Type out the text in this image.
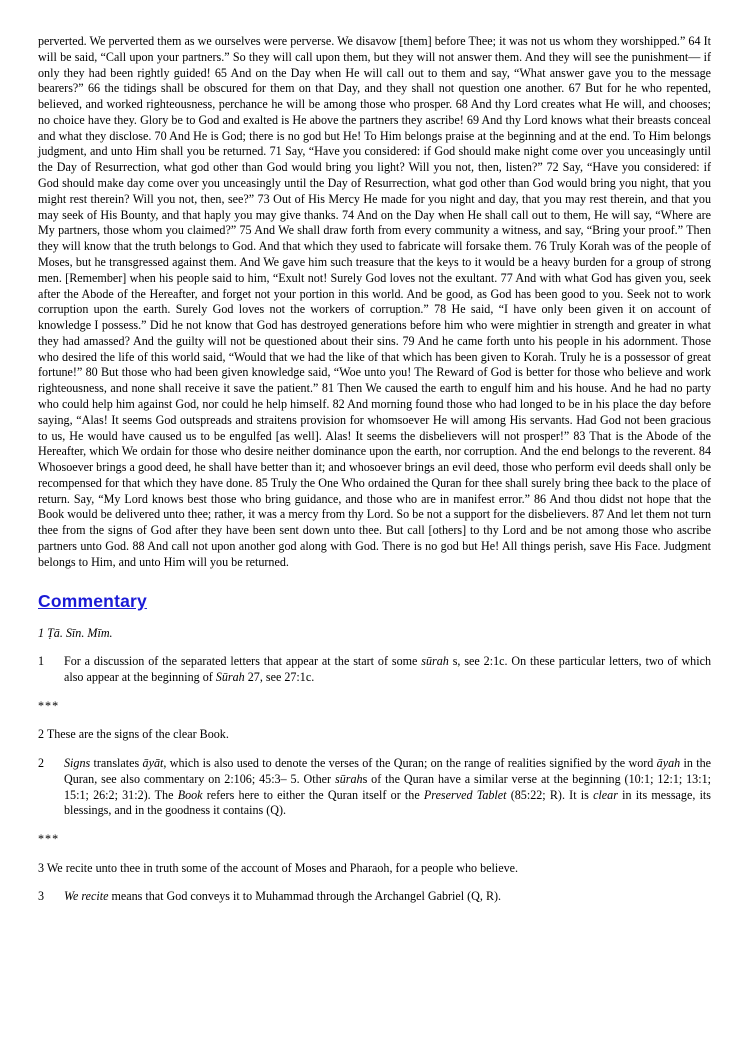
perverted. We perverted them as we ourselves were perverse. We disavow [them] before Thee; it was not us whom they worshipped.” 64 It will be said, “Call upon your partners.” So they will call upon them, but they will not answer them. And they will see the punishment— if only they had been rightly guided! 65 And on the Day when He will call out to them and say, “What answer gave you to the message bearers?” 66 the tidings shall be obscured for them on that Day, and they shall not question one another. 67 But for he who repented, believed, and worked righteousness, perchance he will be among those who prosper. 68 And thy Lord creates what He will, and chooses; no choice have they. Glory be to God and exalted is He above the partners they ascribe! 69 And thy Lord knows what their breasts conceal and what they disclose. 70 And He is God; there is no god but He! To Him belongs praise at the beginning and at the end. To Him belongs judgment, and unto Him shall you be returned. 71 Say, “Have you considered: if God should make night come over you unceasingly until the Day of Resurrection, what god other than God would bring you light? Will you not, then, listen?” 72 Say, “Have you considered: if God should make day come over you unceasingly until the Day of Resurrection, what god other than God would bring you night, that you might rest therein? Will you not, then, see?” 73 Out of His Mercy He made for you night and day, that you may rest therein, and that you may seek of His Bounty, and that haply you may give thanks. 74 And on the Day when He shall call out to them, He will say, “Where are My partners, those whom you claimed?” 75 And We shall draw forth from every community a witness, and say, “Bring your proof.” Then they will know that the truth belongs to God. And that which they used to fabricate will forsake them. 76 Truly Korah was of the people of Moses, but he transgressed against them. And We gave him such treasure that the keys to it would be a heavy burden for a group of strong men. [Remember] when his people said to him, “Exult not! Surely God loves not the exultant. 77 And with what God has given you, seek after the Abode of the Hereafter, and forget not your portion in this world. And be good, as God has been good to you. Seek not to work corruption upon the earth. Surely God loves not the workers of corruption.” 78 He said, “I have only been given it on account of knowledge I possess.” Did he not know that God has destroyed generations before him who were mightier in strength and greater in what they had amassed? And the guilty will not be questioned about their sins. 79 And he came forth unto his people in his adornment. Those who desired the life of this world said, “Would that we had the like of that which has been given to Korah. Truly he is a possessor of great fortune!” 80 But those who had been given knowledge said, “Woe unto you! The Reward of God is better for those who believe and work righteousness, and none shall receive it save the patient.” 81 Then We caused the earth to engulf him and his house. And he had no party who could help him against God, nor could he help himself. 82 And morning found those who had longed to be in his place the day before saying, “Alas! It seems God outspreads and straitens provision for whomsoever He will among His servants. Had God not been gracious to us, He would have caused us to be engulfed [as well]. Alas! It seems the disbelievers will not prosper!” 83 That is the Abode of the Hereafter, which We ordain for those who desire neither dominance upon the earth, nor corruption. And the end belongs to the reverent. 84 Whosoever brings a good deed, he shall have better than it; and whosoever brings an evil deed, those who perform evil deeds shall only be recompensed for that which they have done. 85 Truly the One Who ordained the Quran for thee shall surely bring thee back to the place of return. Say, “My Lord knows best those who bring guidance, and those who are in manifest error.” 86 And thou didst not hope that the Book would be delivered unto thee; rather, it was a mercy from thy Lord. So be not a support for the disbelievers. 87 And let them not turn thee from the signs of God after they have been sent down unto thee. But call [others] to thy Lord and be not among those who ascribe partners unto God. 88 And call not upon another god along with God. There is no god but He! All things perish, save His Face. Judgment belongs to Him, and unto Him will you be returned.

Commentary

1 Ṭā. Sīn. Mīm.

1	For a discussion of the separated letters that appear at the start of some sūrah s, see 2:1c. On these particular letters, two of which also appear at the beginning of Sūrah 27, see 27:1c.
***

2 These are the signs of the clear Book.

2	Signs translates āyāt, which is also used to denote the verses of the Quran; on the range of realities signified by the word āyah in the Quran, see also commentary on 2:106; 45:3– 5. Other sūrahs of the Quran have a similar verse at the beginning (10:1; 12:1; 13:1; 15:1; 26:2; 31:2). The Book refers here to either the Quran itself or the Preserved Tablet (85:22; R). It is clear in its message, its blessings, and in the goodness it contains (Q).
***

3 We recite unto thee in truth some of the account of Moses and Pharaoh, for a people who believe.

3	We recite means that God conveys it to Muhammad through the Archangel Gabriel (Q, R).
